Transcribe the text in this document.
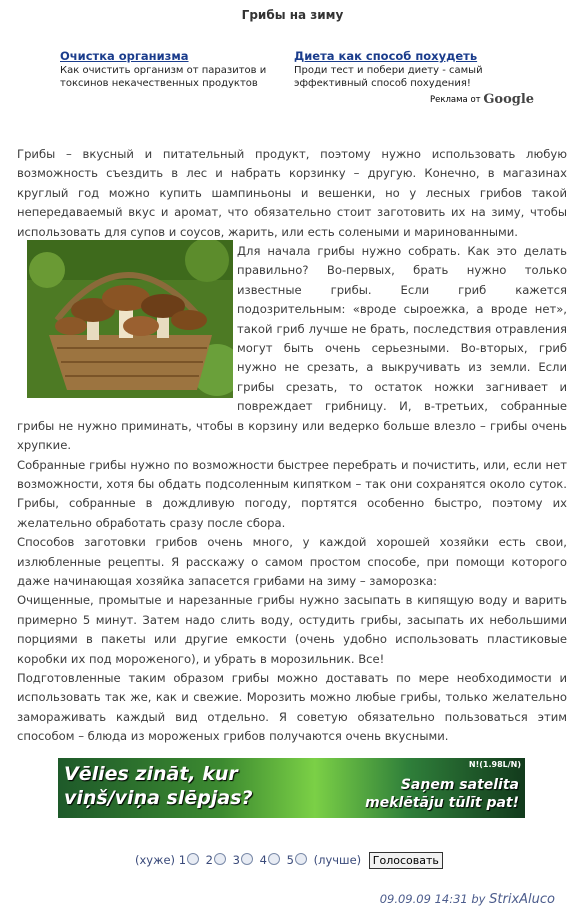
Грибы на зиму
Очистка организма
Как очистить организм от паразитов и токсинов некачественных продуктов
Диета как способ похудеть
Проди тест и побери диету - самый эффективный способ похудения!
Реклама от Google

Грибы – вкусный и питательный продукт, поэтому нужно использовать любую возможность съездить в лес и набрать корзинку – другую. Конечно, в магазинах круглый год можно купить шампиньоны и вешенки, но у лесных грибов такой непередаваемый вкус и аромат, что обязательно стоит заготовить их на зиму, чтобы использовать для супов и соусов, жарить, или есть солеными и маринованными.

Для начала грибы нужно собрать. Как это делать правильно? Во-первых, брать нужно только известные грибы. Если гриб кажется подозрительным: «вроде сыроежка, а вроде нет», такой гриб лучше не брать, последствия отравления могут быть очень серьезными. Во-вторых, гриб нужно не срезать, а выкручивать из земли. Если грибы срезать, то остаток ножки загнивает и повреждает грибницу. И, в-третьих, собранные грибы не нужно приминать, чтобы в корзину или ведерко больше влезло – грибы очень хрупкие.

Собранные грибы нужно по возможности быстрее перебрать и почистить, или, если нет возможности, хотя бы обдать подсоленным кипятком – так они сохранятся около суток. Грибы, собранные в дождливую погоду, портятся особенно быстро, поэтому их желательно обработать сразу после сбора.

Способов заготовки грибов очень много, у каждой хорошей хозяйки есть свои, излюбленные рецепты. Я расскажу о самом простом способе, при помощи которого даже начинающая хозяйка запасется грибами на зиму – заморозка:

Очищенные, промытые и нарезанные грибы нужно засыпать в кипящую воду и варить примерно 5 минут. Затем надо слить воду, остудить грибы, засыпать их небольшими порциями в пакеты или другие емкости (очень удобно использовать пластиковые коробки их под мороженого), и убрать в морозильник. Все!

Подготовленные таким образом грибы можно доставать по мере необходимости и использовать так же, как и свежие. Морозить можно любые грибы, только желательно замораживать каждый вид отдельно. Я советую обязательно пользоваться этим способом – блюда из мороженых грибов получаются очень вкусными.

Vēlies zināt, kur
viņš/viņa slēpjas?
N!(1.98L/N)
Saņem satelita
meklētāju tūlīt pat!
(хуже) 1 2 3 4 5 (лучше) Голосовать
09.09.09 14:31 by StrixAluco
